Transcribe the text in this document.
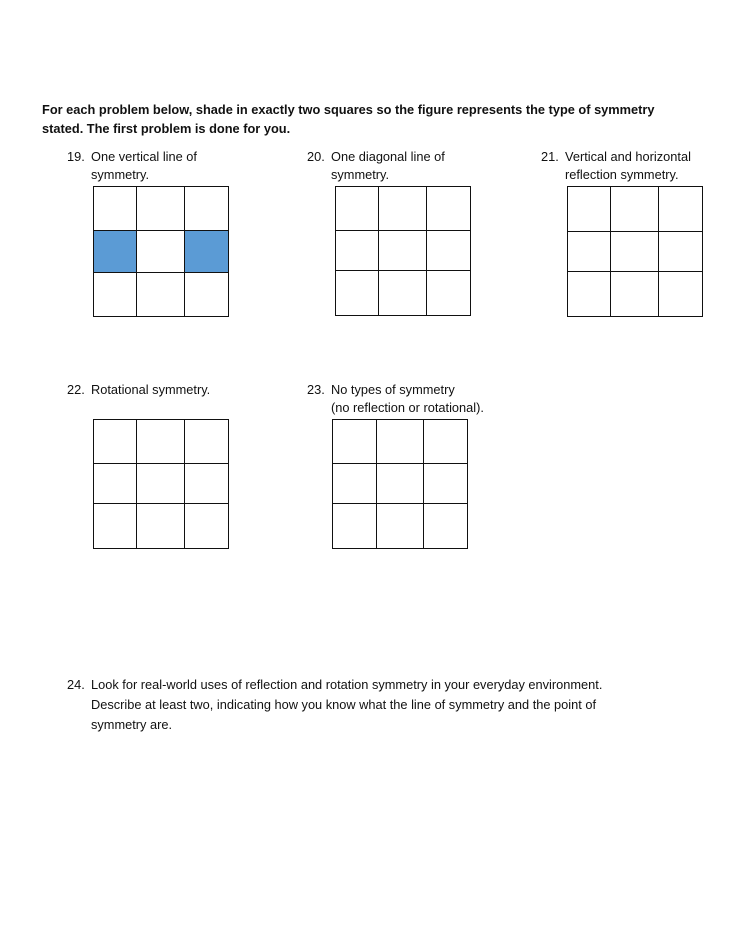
For each problem below, shade in exactly two squares so the figure represents the type of symmetry stated. The first problem is done for you.
19. One vertical line of
symmetry.
20. One diagonal line of
symmetry.
21. Vertical and horizontal
reflection symmetry.
22. Rotational symmetry.	23. No types of symmetry
(no reflection or rotational).
24. Look for real-world uses of reflection and rotation symmetry in your everyday environment.
Describe at least two, indicating how you know what the line of symmetry and the point of
symmetry are.
